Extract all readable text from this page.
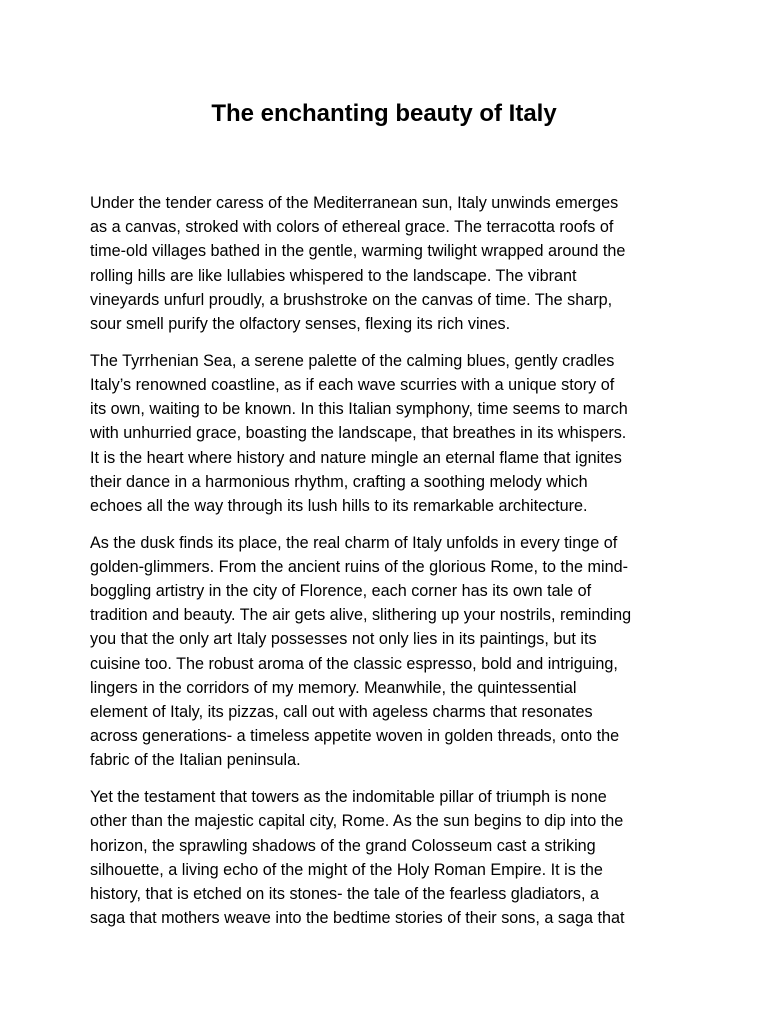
The enchanting beauty of Italy

Under the tender caress of the Mediterranean sun, Italy unwinds emerges
as a canvas, stroked with colors of ethereal grace. The terracotta roofs of
time-old villages bathed in the gentle, warming twilight wrapped around the
rolling hills are like lullabies whispered to the landscape. The vibrant
vineyards unfurl proudly, a brushstroke on the canvas of time. The sharp,
sour smell purify the olfactory senses, flexing its rich vines.

The Tyrrhenian Sea, a serene palette of the calming blues, gently cradles
Italy’s renowned coastline, as if each wave scurries with a unique story of
its own, waiting to be known. In this Italian symphony, time seems to march
with unhurried grace, boasting the landscape, that breathes in its whispers.
It is the heart where history and nature mingle an eternal flame that ignites
their dance in a harmonious rhythm, crafting a soothing melody which
echoes all the way through its lush hills to its remarkable architecture.

As the dusk finds its place, the real charm of Italy unfolds in every tinge of
golden-glimmers. From the ancient ruins of the glorious Rome, to the mind-
boggling artistry in the city of Florence, each corner has its own tale of
tradition and beauty. The air gets alive, slithering up your nostrils, reminding
you that the only art Italy possesses not only lies in its paintings, but its
cuisine too. The robust aroma of the classic espresso, bold and intriguing,
lingers in the corridors of my memory. Meanwhile, the quintessential
element of Italy, its pizzas, call out with ageless charms that resonates
across generations- a timeless appetite woven in golden threads, onto the
fabric of the Italian peninsula.

Yet the testament that towers as the indomitable pillar of triumph is none
other than the majestic capital city, Rome. As the sun begins to dip into the
horizon, the sprawling shadows of the grand Colosseum cast a striking
silhouette, a living echo of the might of the Holy Roman Empire. It is the
history, that is etched on its stones- the tale of the fearless gladiators, a
saga that mothers weave into the bedtime stories of their sons, a saga that
